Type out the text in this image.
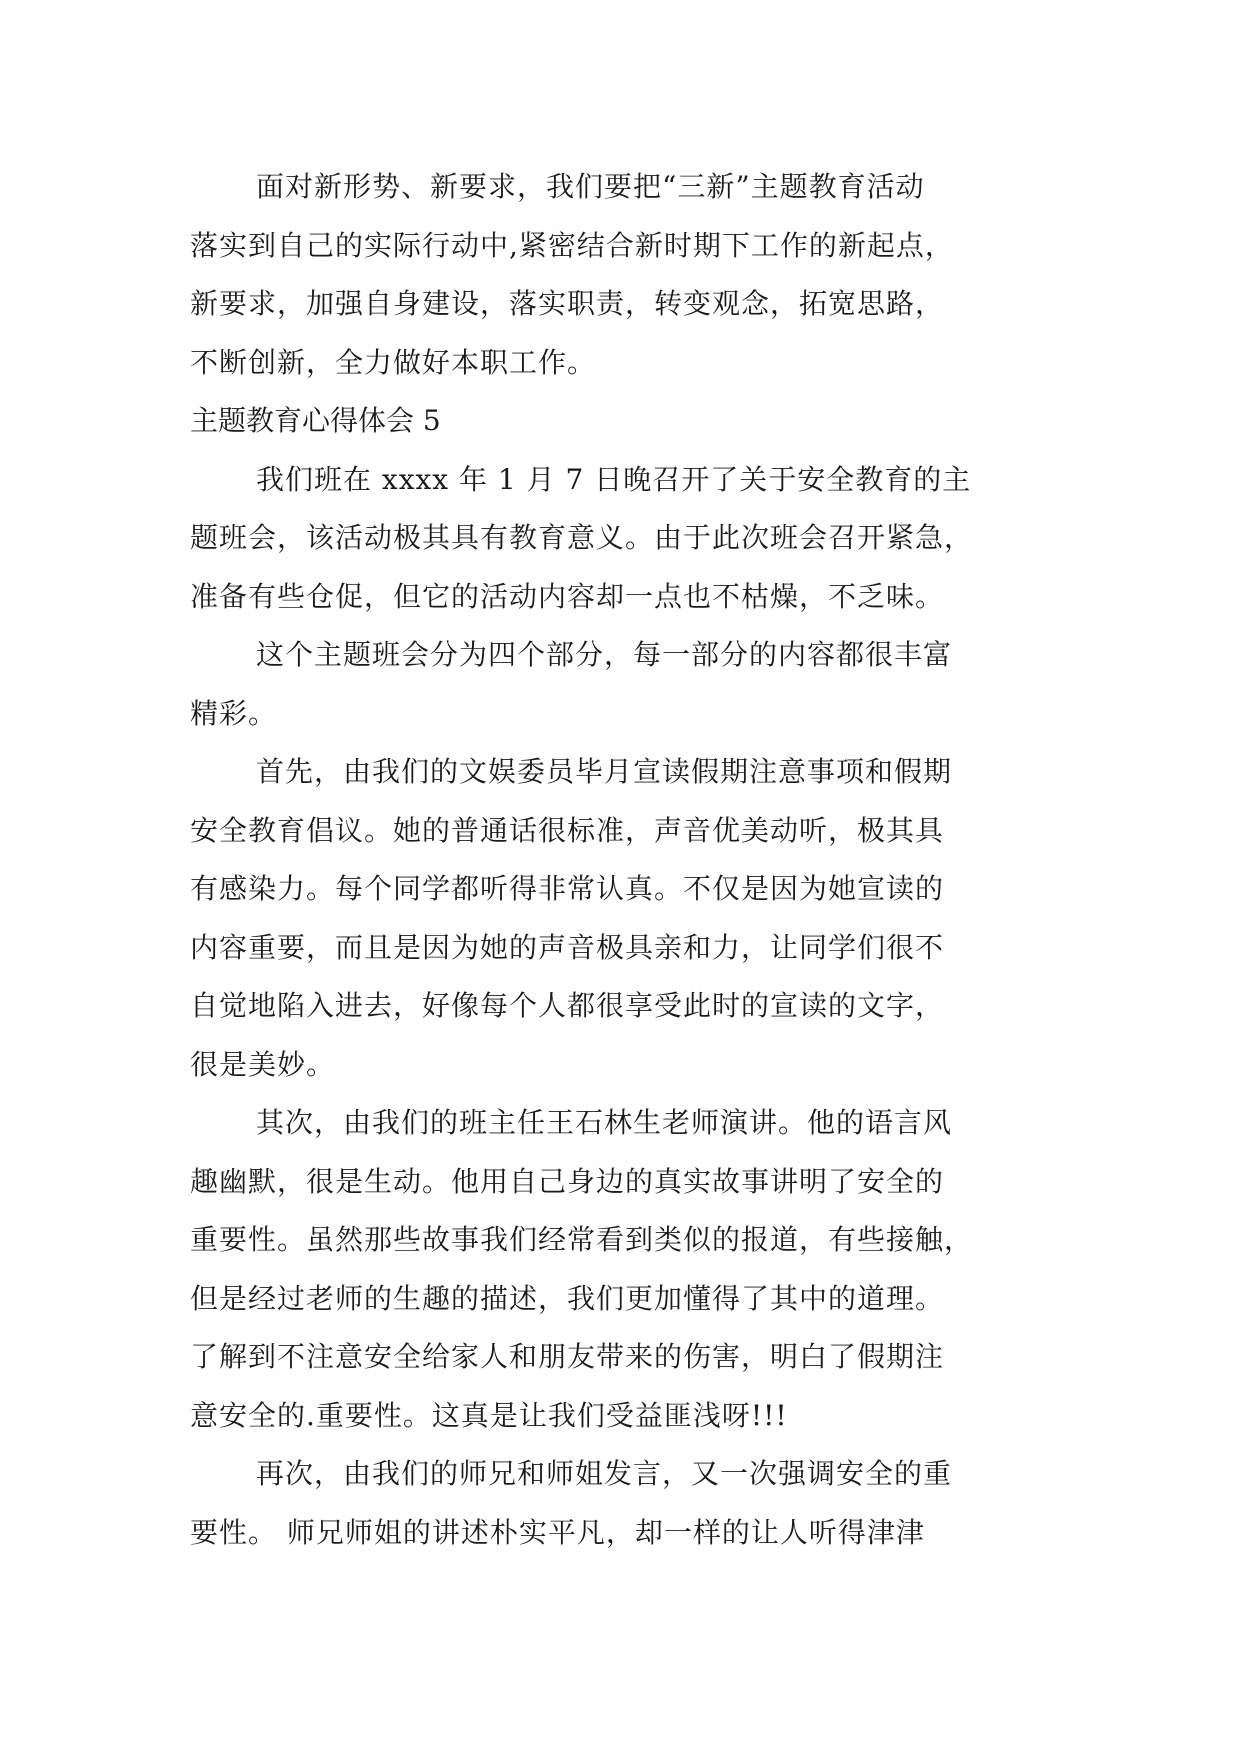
面对新形势、新要求，我们要把“三新”主题教育活动
落实到自己的实际行动中,紧密结合新时期下工作的新起点，
新要求，加强自身建设，落实职责，转变观念，拓宽思路，
不断创新，全力做好本职工作。
主题教育心得体会 5
我们班在 xxxx 年 1 月 7 日晚召开了关于安全教育的主
题班会，该活动极其具有教育意义。由于此次班会召开紧急，
准备有些仓促，但它的活动内容却一点也不枯燥，不乏味。
这个主题班会分为四个部分，每一部分的内容都很丰富
精彩。
首先，由我们的文娱委员毕月宣读假期注意事项和假期
安全教育倡议。她的普通话很标准，声音优美动听，极其具
有感染力。每个同学都听得非常认真。不仅是因为她宣读的
内容重要，而且是因为她的声音极具亲和力，让同学们很不
自觉地陷入进去，好像每个人都很享受此时的宣读的文字，
很是美妙。
其次，由我们的班主任王石林生老师演讲。他的语言风
趣幽默，很是生动。他用自己身边的真实故事讲明了安全的
重要性。虽然那些故事我们经常看到类似的报道，有些接触，
但是经过老师的生趣的描述，我们更加懂得了其中的道理。
了解到不注意安全给家人和朋友带来的伤害，明白了假期注
意安全的.重要性。这真是让我们受益匪浅呀!!!
再次，由我们的师兄和师姐发言，又一次强调安全的重
要性。 师兄师姐的讲述朴实平凡，却一样的让人听得津津
